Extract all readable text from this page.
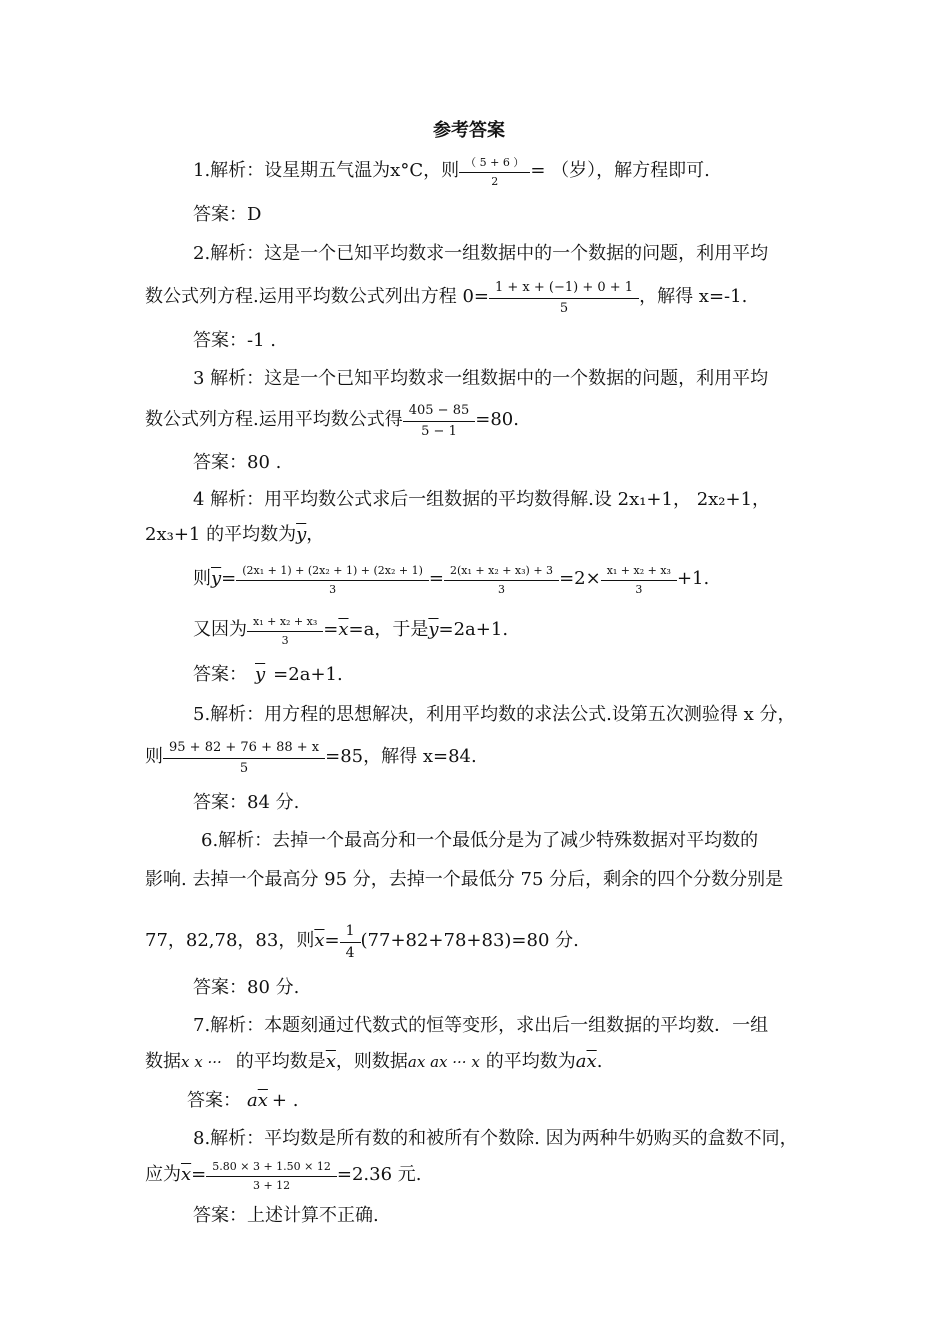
参考答案
1.解析：设星期五气温为x°C，则 $\frac{( 5 + 6 )}{2}$ = （岁），解方程即可.
答案：D
2.解析：这是一个已知平均数求一组数据中的一个数据的问题，利用平均
数公式列方程.运用平均数公式列出方程 $0= \frac{1 + x + (-1) + 0 + 1}{5}$ ，解得 x=-1.
答案：-1 .
3 解析：这是一个已知平均数求一组数据中的一个数据的问题，利用平均
数公式列方程.运用平均数公式得 $\frac{405 - 85}{5 - 1} =80$.
答案：80 .
4 解析：用平均数公式求后一组数据的平均数得解.设 2x₁+1， 2x₂+1，
2x₃+1 的平均数为 $\overline{y}$ ，
则 $\overline{y} = \frac{\text{(2x₁ + 1) + (2x₂ + 1) + (2x₂ + 1)}}{3} = \frac{\text{2(x₁ + x₂ + x₃) + 3}}{3} =2\times \frac{\text{x₁ + x₂ + x₃}}{3} +1$.
又因为 $\frac{\text{x₁ + x₂ + x₃}}{3} = \overline{x} =a$，于是 $\overline{y} =2a+1$.
答案： $\overline{y} =2a+1$.
5.解析：用方程的思想解决，利用平均数的求法公式.设第五次测验得 x 分，
则 $\frac{95 + 82 + 76 + 88 + x}{5} =85$，解得 x=84.
答案：84 分.
6.解析：去掉一个最高分和一个最低分是为了减少特殊数据对平均数的
影响. 去掉一个最高分 95 分，去掉一个最低分 75 分后，剩余的四个分数分别是
77，82,78，83，则 $\overline{x} = \frac{1}{4} (77+82+78+83)=80$ 分.
答案：80 分.
7.解析：本题刻通过代数式的恒等变形，求出后一组数据的平均数．一组
数据 x x ··· 的平均数是 $\overline{x}$ ，则数据 ax ax ··· x 的平均数为 a $\overline{x}$ .
答案： a $\overline{x}$ + .
8.解析：平均数是所有数的和被所有个数除. 因为两种牛奶购买的盒数不同，
应为 $\overline{x} = \frac{5.80 \times 3 + 1.50 \times 12}{3 + 12} =2.36$ 元.
答案：上述计算不正确.
